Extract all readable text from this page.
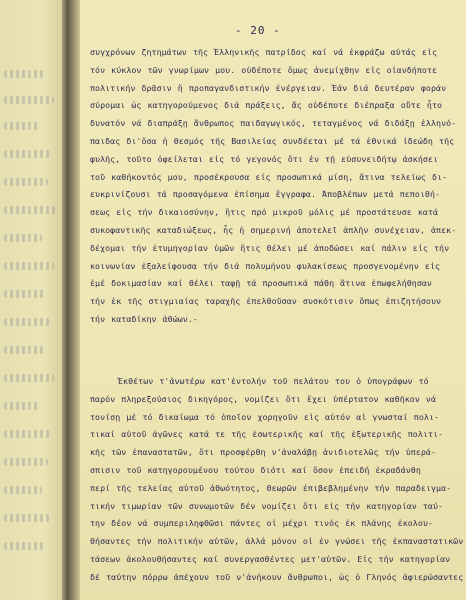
- 20 -
συγχρόνων ζητημάτων τῆς Ἑλληνικῆς πατρίδος καί νά ἐκφράζω αὐτάς εἰς
τόν κύκλον τῶν γνωρίμων μου. οὐδέποτε ὅμως ἀνεμίχθην εἰς οἱανδήποτε
πολιτικήν δρᾶσιν ἤ προπαγανδιστικήν ἐνέργειαν. Ἐάν διά δευτέραν φοράν
σύρομαι ὡς κατηγορούμενος διά πράξεις, ἅς οὐδέποτε διέπραξα οὔτε ἦτο
δυνατόν νά διαπράξῃ ἄνθρωπος παιδαγωγικός, τεταγμένος νά διδάξῃ ἑλληνό-
παιδας δι'ὅσα ἡ θεσμός τῆς Βασιλείας συνδέεται μέ τά ἐθνικά ἰδεώδη τῆς
φυλῆς, τοῦτο ὀφείλεται εἰς τό γεγονός ὅτι ἐν τῇ εὐσυνειδήτῳ ἀσκήσει
τοῦ καθήκοντός μου, προσέκρουσα εἰς προσωπικά μίση, ἅτινα τελείως δι-
ευκρινίζουσι τά προσαγόμενα ἐπίσημα ἔγγραφα. Ἀποβλέπων μετά πεποιθή-
σεως εἰς τήν δικαιοσύνην, ἥτις πρό μικροῦ μόλις μέ προστάτευσε κατά
συκοφαντικῆς καταδιώξεως, ἧς ἡ σημερινή ἀποτελεῖ ἁπλῆν συνέχειαν, ἀπεκ-
δέχομαι τήν ἐτυμηγορίαν ὑμῶν ἥτις θέλει μέ ἀποδώσει καί πάλιν εἰς τήν
κοινωνίαν ἐξαλείφουσα τήν διά πολυμήνου φυλακίσεως προσγενομένην εἰς
ἐμέ δοκιμασίαν καί θέλει ταφῇ τά προσωπικά πάθη ἅτινα ἐπωφελήθησαν
τήν ἐκ τῆς στιγμιαίας ταραχῆς ἐπελθοῦσαν συσκότισιν ὅπως ἐπιζητήσουν
τήν καταδίκην ἀθώων.-
Ἐκθέτων τ'ἀνωτέρω κατ'ἐντολήν τοῦ πελάτου του ὁ ὑπογράφων τό
παρόν πληρεξούσιος δικηγόρος, νομίζει ὅτι ἔχει ὑπέρτατον καθῆκον νά
τονίσῃ μέ τό δικαίωμα τό ὁποῖον χορηγοῦν εἰς αὐτόν αἱ γνωσταί πολι-
τικαί αὐτοῦ ἀγῶνες κατά τε τῆς ἐσωτερικῆς καί τῆς ἐξωτερικῆς πολιτι-
κῆς τῶν ἐπαναστατῶν, ὅτι προσφέρθη ν'ἀναλάβῃ ἀνιδιοτελῶς τήν ὑπερά-
σπισιν τοῦ κατηγορουμένου τούτου διότι καί ὅσον ἐπειδή ἐκραδάνθη
περί τῆς τελείας αὐτοῦ ἀθωότητος, θεωρῶν ἐπιβεβλημένην τήν παραδειγμα-
τικήν τιμωρίαν τῶν συνωμοτῶν δέν νομίζει ὅτι εἰς τήν κατηγορίαν ταύ-
την δέον νά συμπεριληφθῶσι πάντες οἱ μέχρι τινός ἐκ πλάνης ἐκολου-
θήσαντες τήν πολιτικήν αὐτῶν, ἀλλά μόνον οἱ ἐν γνώσει τῆς ἐκπαναστατικῶν
τάσεων ἀκολουθήσαντες καί συνεργασθέντες μετ'αὐτῶν. Εἰς τήν κατηγορίαν
δέ ταύτην πόρρω ἀπέχουν τοῦ ν'ἀνήκουν ἄνθρωποι, ὡς ὁ Γληνός ἀφιερώσαντες
